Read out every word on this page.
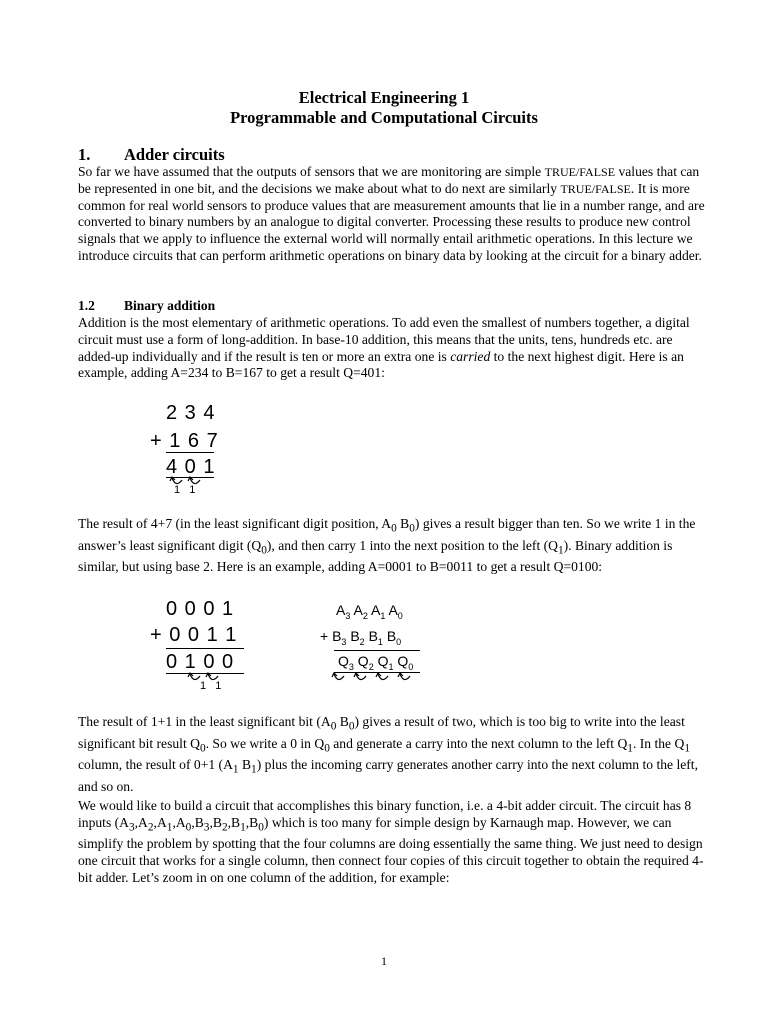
Electrical Engineering 1
Programmable and Computational Circuits
1. Adder circuits
So far we have assumed that the outputs of sensors that we are monitoring are simple TRUE/FALSE values that can be represented in one bit, and the decisions we make about what to do next are similarly TRUE/FALSE. It is more common for real world sensors to produce values that are measurement amounts that lie in a number range, and are converted to binary numbers by an analogue to digital converter. Processing these results to produce new control signals that we apply to influence the external world will normally entail arithmetic operations. In this lecture we introduce circuits that can perform arithmetic operations on binary data by looking at the circuit for a binary adder.
1.2 Binary addition
Addition is the most elementary of arithmetic operations. To add even the smallest of numbers together, a digital circuit must use a form of long-addition. In base-10 addition, this means that the units, tens, hundreds etc. are added-up individually and if the result is ten or more an extra one is carried to the next highest digit. Here is an example, adding A=234 to B=167 to get a result Q=401:
2 3 4
+ 1 6 7
4 0 1
1   1
The result of 4+7 (in the least significant digit position, $A_0$ $B_0$) gives a result bigger than ten. So we write 1 in the answer’s least significant digit $(Q_0)$, and then carry 1 into the next position to the left $(Q_1)$. Binary addition is similar, but using base 2. Here is an example, adding A=0001 to B=0011 to get a result Q=0100:
0 0 0 1
+ 0 0 1 1
0 1 0 0
1   1
$A_3$ $A_2$ $A_1$ $A_0$
+ $B_3$ $B_2$ $B_1$ $B_0$
$Q_3$ $Q_2$ $Q_1$ $Q_0$
The result of 1+1 in the least significant bit ($A_0$ $B_0$) gives a result of two, which is too big to write into the least significant bit result $Q_0$. So we write a 0 in $Q_0$ and generate a carry into the next column to the left $Q_1$. In the $Q_1$ column, the result of 0+1 ($A_1$ $B_1$) plus the incoming carry generates another carry into the next column to the left, and so on.
We would like to build a circuit that accomplishes this binary function, i.e. a 4-bit adder circuit. The circuit has 8 inputs $(A_3,A_2,A_1,A_0,B_3,B_2,B_1,B_0)$ which is too many for simple design by Karnaugh map. However, we can simplify the problem by spotting that the four columns are doing essentially the same thing. We just need to design one circuit that works for a single column, then connect four copies of this circuit together to obtain the required 4-bit adder. Let’s zoom in on one column of the addition, for example:
1
